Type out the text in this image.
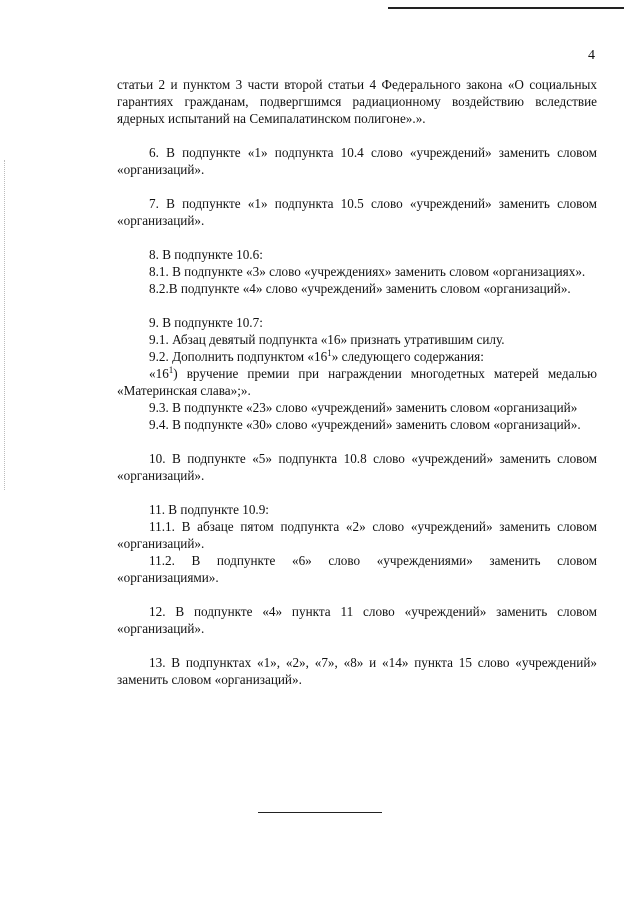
4

статьи 2 и пунктом 3 части второй статьи 4 Федерального закона «О социальных гарантиях гражданам, подвергшимся радиационному воздействию вследствие ядерных испытаний на Семипалатинском полигоне».».

6. В подпункте «1» подпункта 10.4 слово «учреждений» заменить словом «организаций».

7. В подпункте «1» подпункта 10.5 слово «учреждений» заменить словом «организаций».

8. В подпункте 10.6:

8.1. В подпункте «3» слово «учреждениях» заменить словом «организациях».

8.2.В подпункте «4» слово «учреждений» заменить словом «организаций».

9. В подпункте 10.7:

9.1. Абзац девятый подпункта «16» признать утратившим силу.

9.2. Дополнить подпунктом «$16^1$» следующего содержания:

«$16^1$) вручение премии при награждении многодетных матерей медалью «Материнская слава»;».

9.3. В подпункте «23» слово «учреждений» заменить словом «организаций»

9.4. В подпункте «30» слово «учреждений» заменить словом «организаций».

10. В подпункте «5» подпункта 10.8 слово «учреждений» заменить словом «организаций».

11. В подпункте 10.9:

11.1. В абзаце пятом подпункта «2» слово «учреждений» заменить словом «организаций».

11.2. В подпункте «6» слово «учреждениями» заменить словом «организациями».

12. В подпункте «4» пункта 11 слово «учреждений» заменить словом «организаций».

13. В подпунктах «1», «2», «7», «8» и «14» пункта 15 слово «учреждений» заменить словом «организаций».
